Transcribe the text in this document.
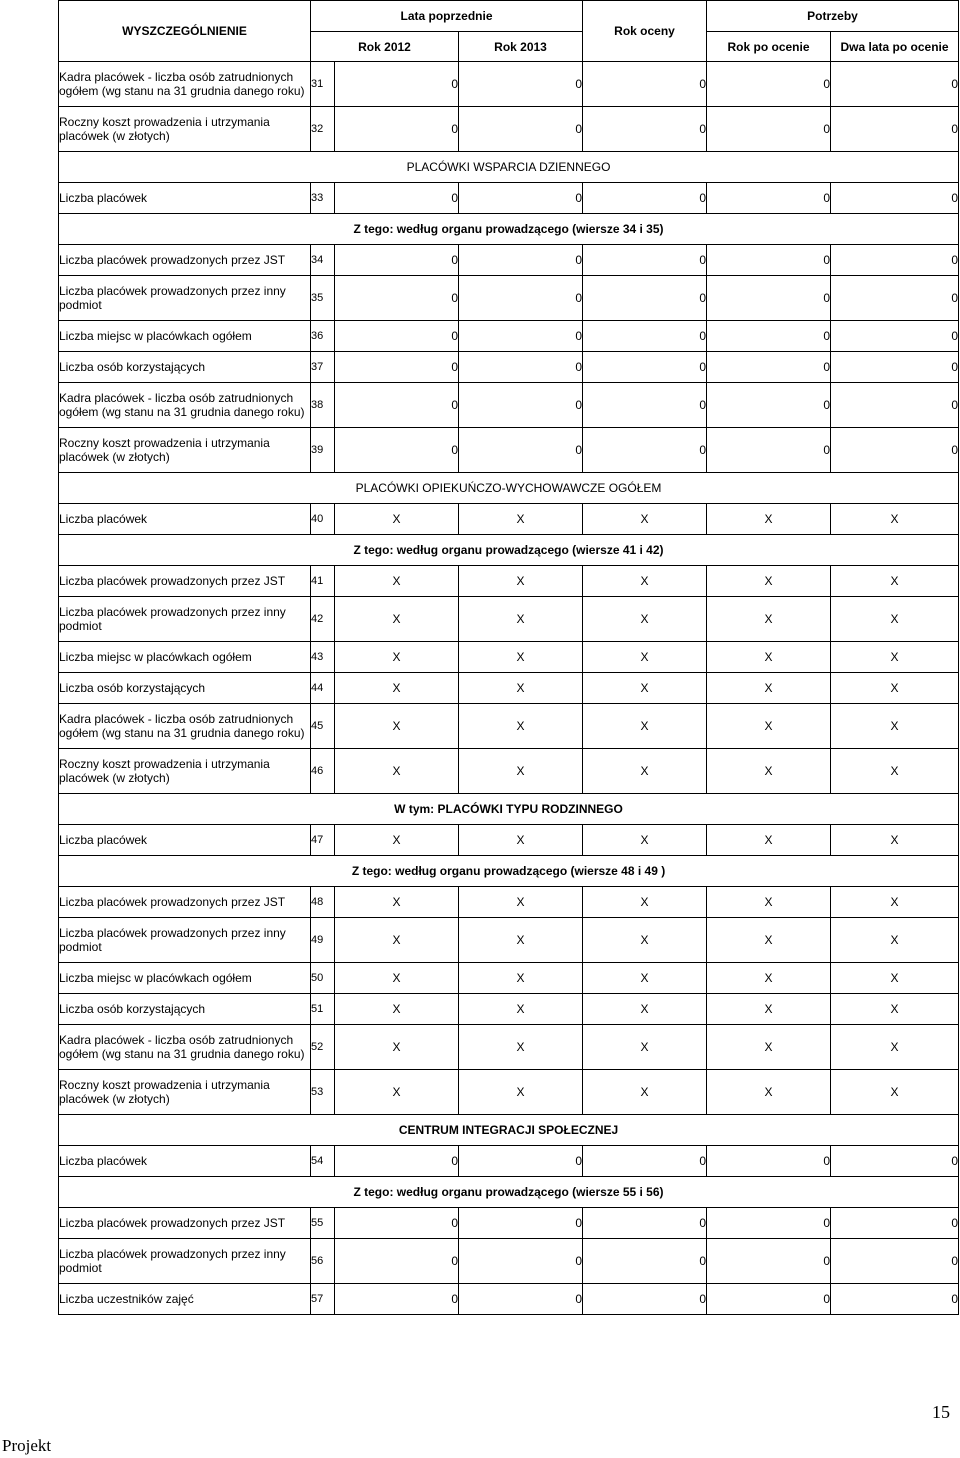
WYSZCZEGÓLNIENIE	Lata poprzednie			Rok oceny	Potrzeby	
	Rok 2012		Rok 2013		Rok po ocenie	Dwa lata po ocenie
Kadra placówek - liczba osób zatrudnionych ogółem (wg stanu na 31 grudnia danego roku)	31	0	0	0	0	0
Roczny koszt prowadzenia i utrzymania placówek (w złotych)	32	0	0	0	0	0
PLACÓWKI WSPARCIA DZIENNEGO						
Liczba placówek	33	0	0	0	0	0
Z tego: według organu prowadzącego (wiersze 34 i 35)						
Liczba placówek prowadzonych przez JST	34	0	0	0	0	0
Liczba placówek prowadzonych przez inny podmiot	35	0	0	0	0	0
Liczba miejsc w placówkach ogółem	36	0	0	0	0	0
Liczba osób korzystających	37	0	0	0	0	0
Kadra placówek - liczba osób zatrudnionych ogółem (wg stanu na 31 grudnia danego roku)	38	0	0	0	0	0
Roczny koszt prowadzenia i utrzymania placówek (w złotych)	39	0	0	0	0	0
PLACÓWKI OPIEKUŃCZO-WYCHOWAWCZE OGÓŁEM						
Liczba placówek	40	X	X	X	X	X
Z tego: według organu prowadzącego (wiersze 41 i 42)						
Liczba placówek prowadzonych przez JST	41	X	X	X	X	X
Liczba placówek prowadzonych przez inny podmiot	42	X	X	X	X	X
Liczba miejsc w placówkach ogółem	43	X	X	X	X	X
Liczba osób korzystających	44	X	X	X	X	X
Kadra placówek - liczba osób zatrudnionych ogółem (wg stanu na 31 grudnia danego roku)	45	X	X	X	X	X
Roczny koszt prowadzenia i utrzymania placówek (w złotych)	46	X	X	X	X	X
W tym: PLACÓWKI TYPU RODZINNEGO						
Liczba placówek	47	X	X	X	X	X
Z tego: według organu prowadzącego (wiersze 48 i 49 )						
Liczba placówek prowadzonych przez JST	48	X	X	X	X	X
Liczba placówek prowadzonych przez inny podmiot	49	X	X	X	X	X
Liczba miejsc w placówkach ogółem	50	X	X	X	X	X
Liczba osób korzystających	51	X	X	X	X	X
Kadra placówek - liczba osób zatrudnionych ogółem (wg stanu na 31 grudnia danego roku)	52	X	X	X	X	X
Roczny koszt prowadzenia i utrzymania placówek (w złotych)	53	X	X	X	X	X
CENTRUM INTEGRACJI SPOŁECZNEJ						
Liczba placówek	54	0	0	0	0	0
Z tego: według organu prowadzącego (wiersze 55 i 56)						
Liczba placówek prowadzonych przez JST	55	0	0	0	0	0
Liczba placówek prowadzonych przez inny podmiot	56	0	0	0	0	0
Liczba uczestników zajęć	57	0	0	0	0	0
15
Projekt
